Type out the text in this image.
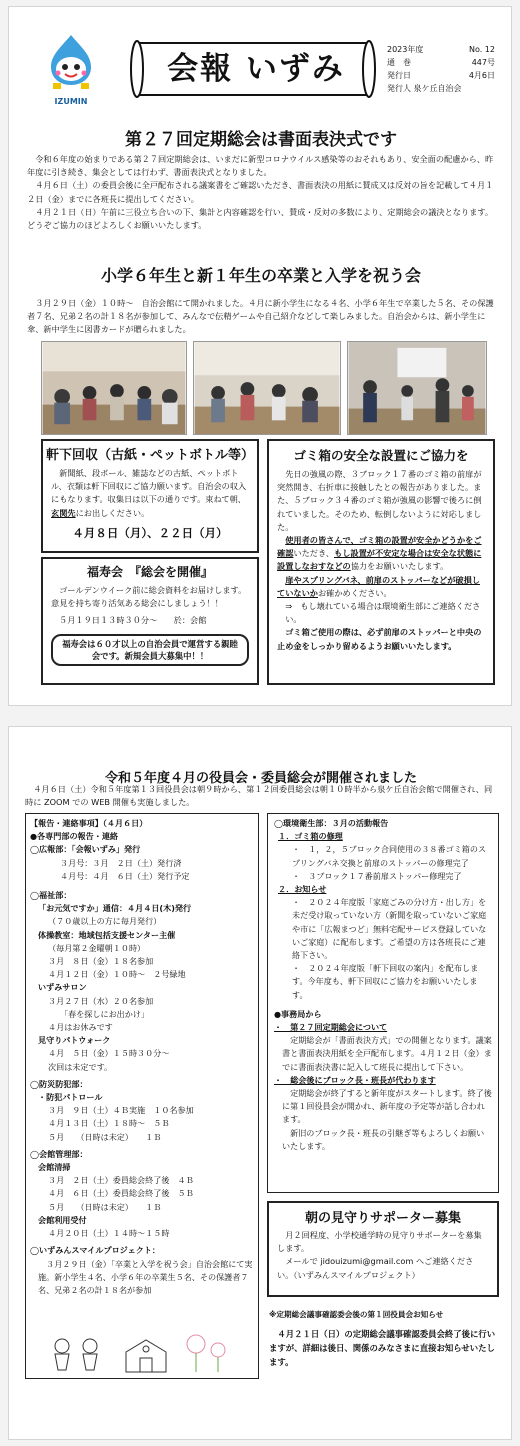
IZUMIN
会報 いずみ
2023年度	No. 12
通　巻	447号
発行日	4月6日
発行人 泉ケ丘自治会
第２７回定期総会は書面表決式です

令和６年度の始まりである第２７回定期総会は、いまだに新型コロナウイルス感染等のおそれもあり、安全面の配慮から、昨年度に引き続き、集会としては行わず、書面表決式となりました。

４月６日（土）の委員会後に全戸配布される議案書をご確認いただき、書面表決の用紙に賛成又は反対の旨を記載して４月１２日（金）までに各班長に提出してください。

４月２１日（日）午前に三役立ち合いの下、集計と内容確認を行い、賛成・反対の多数により、定期総会の議決となります。どうぞご協力のほどよろしくお願いいたします。

小学６年生と新１年生の卒業と入学を祝う会

３月２９日（金）１０時～　自治会館にて開かれました。４月に新小学生になる４名、小学６年生で卒業した５名、その保護者７名、兄弟２名の計１８名が参加して、みんなで伝精ゲームや自己紹介などして楽しみました。自治会からは、新小学生に傘、新中学生に図書カードが贈られました。

軒下回収（古紙・ペットボトル等）
新聞紙、段ボール、雑誌などの古紙、ペットボトル、衣類は軒下回収にご協力願います。自治会の収入にもなります。収集日は以下の通りです。束ねて朝、玄関先にお出しください。
４月８日（月）、２２日（月）
福寿会　『総会を開催』
ゴールデンウイーク前に総会資料をお届けします。意見を持ち寄り活気ある総会にしましょう！！
５月１９日１３時３０分～　　於：会館
福寿会は６０才以上の自治会員で運営する親睦会です。新規会員大募集中！！
ゴミ箱の安全な設置にご協力を

先日の強風の際、３ブロック１７番のゴミ箱の前扉が突然開き、右折車に接触したとの報告がありました。また、５ブロック３４番のゴミ箱が強風の影響で後ろに倒れていました。そのため、転倒しないように対応しました。

使用者の皆さんで、ゴミ箱の設置が安全かどうかをご確認いただき、もし設置が不安定な場合は安全な状態に設置しなおすなどの協力をお願いいたします。

扉やスプリングバネ、前扉のストッパーなどが破損していないかお確かめください。

⇒　もし壊れている場合は環境衛生部にご連絡ください。

ゴミ箱ご使用の際は、必ず前扉のストッパーと中央の止め金をしっかり留めるようお願いいたします。

令和５年度４月の役員会・委員総会が開催されました
４月６日（土）令和５年度第１３回役員会は朝９時から、第１２回委員総会は朝１０時半から泉ケ丘自治会館で開催され、同時に ZOOM での WEB 開催も実施しました。
【報告・連絡事項】（４月６日）
●各専門部の報告・連絡
◯広報部：「会報いずみ」発行
３月号：３月　２日（土）発行済
４月号：４月　６日（土）発行予定
◯福祉部：
「お元気ですか」通信：４月４日(木)発行
（７０歳以上の方に毎月発行）
体操教室：地域包括支援センター主催
（毎月第２金曜朝１０時）
３月　８日（金）１８名参加
４月１２日（金）１０時～　２号緑地
いずみサロン
３月２７日（水）２０名参加
「春を探しにお出かけ」
４月はお休みです
見守りパトウォーク
４月　５日（金）１５時３０分～
次回は未定です。
◯防災防犯部：
・防犯パトロール
３月　９日（土）４Ｂ実施　１０名参加
４月１３日（土）１８時～　５Ｂ
５月　　（日時は未定）　　１Ｂ
◯会館管理部：
会館清掃
３月　２日（土）委員総会終了後　４Ｂ
４月　６日（土）委員総会終了後　５Ｂ
５月　　（日時は未定）　　１Ｂ
会館利用受付
４月２０日（土）１４時～１５時
◯いずみんスマイルプロジェクト：
３月２９日（金）「卒業と入学を祝う会」自治会館にて実施。新小学生４名、小学６年の卒業生５名、その保護者７名、兄弟２名の計１８名が参加
◯環境衛生部：３月の活動報告
１．ゴミ箱の修理
・　１，２，５ブロック合同使用の３８番ゴミ箱のスプリングバネ交換と前扉のストッパーの修理完了
・　３ブロック１７番前扉ストッパー修理完了
２．お知らせ
・　２０２４年度版「家庭ごみの分け方・出し方」を未だ受け取っていない方（新聞を取っていないご家庭や市に「広報まつど」無料宅配サービス登録していないご家庭）に配布します。ご希望の方は各班長にご連絡下さい。
・　２０２４年度版「軒下回収の案内」を配布します。今年度も、軒下回収にご協力をお願いいたします。
●事務局から
・　第２７回定期総会について
定期総会が「書面表決方式」での開催となります。議案書と書面表決用紙を全戸配布します。４月１２日（金）までに書面表決書に記入して班長に提出して下さい。
・　総会後にブロック長・班長が代わります
定期総会が終了すると新年度がスタートします。終了後に第１回役員会が開かれ、新年度の予定等が話し合われます。
新旧のブロック長・班長の引継ぎ等もよろしくお願いいたします。
朝の見守りサポーター募集
月２回程度、小学校通学時の見守りサポーターを募集します。
メールで jidouizumi@gmail.com へご連絡ください。（いずみんスマイルプロジェクト）
※定期総会議事確認委会後の第１回役員会お知らせ
４月２１日（日）の定期総会議事確認委員会終了後に行いますが、詳細は後日、関係のみなさまに直接お知らせいたします。
